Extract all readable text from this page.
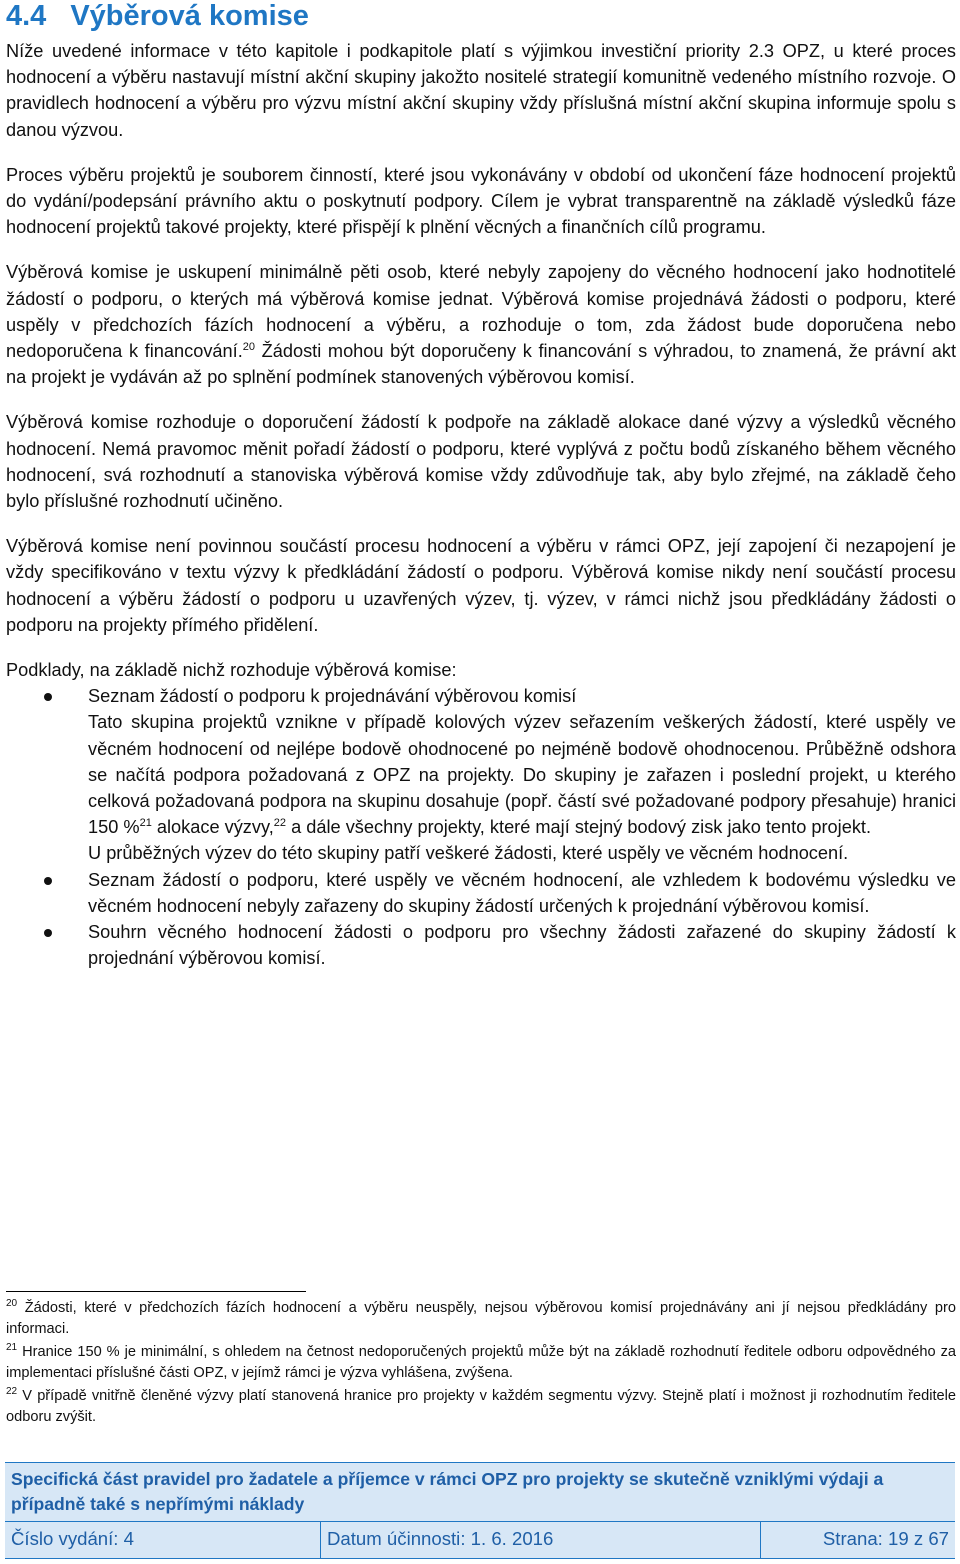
4.4 Výběrová komise

Níže uvedené informace v této kapitole i podkapitole platí s výjimkou investiční priority 2.3 OPZ, u které proces hodnocení a výběru nastavují místní akční skupiny jakožto nositelé strategií komunitně vedeného místního rozvoje. O pravidlech hodnocení a výběru pro výzvu místní akční skupiny vždy příslušná místní akční skupina informuje spolu s danou výzvou.

Proces výběru projektů je souborem činností, které jsou vykonávány v období od ukončení fáze hodnocení projektů do vydání/podepsání právního aktu o poskytnutí podpory. Cílem je vybrat transparentně na základě výsledků fáze hodnocení projektů takové projekty, které přispějí k plnění věcných a finančních cílů programu.

Výběrová komise je uskupení minimálně pěti osob, které nebyly zapojeny do věcného hodnocení jako hodnotitelé žádostí o podporu, o kterých má výběrová komise jednat. Výběrová komise projednává žádosti o podporu, které uspěly v předchozích fázích hodnocení a výběru, a rozhoduje o tom, zda žádost bude doporučena nebo nedoporučena k financování.$^{20}$ Žádosti mohou být doporučeny k financování s výhradou, to znamená, že právní akt na projekt je vydáván až po splnění podmínek stanovených výběrovou komisí.

Výběrová komise rozhoduje o doporučení žádostí k podpoře na základě alokace dané výzvy a výsledků věcného hodnocení. Nemá pravomoc měnit pořadí žádostí o podporu, které vyplývá z počtu bodů získaného během věcného hodnocení, svá rozhodnutí a stanoviska výběrová komise vždy zdůvodňuje tak, aby bylo zřejmé, na základě čeho bylo příslušné rozhodnutí učiněno.

Výběrová komise není povinnou součástí procesu hodnocení a výběru v rámci OPZ, její zapojení či nezapojení je vždy specifikováno v textu výzvy k předkládání žádostí o podporu. Výběrová komise nikdy není součástí procesu hodnocení a výběru žádostí o podporu u uzavřených výzev, tj. výzev, v rámci nichž jsou předkládány žádosti o podporu na projekty přímého přidělení.

Podklady, na základě nichž rozhoduje výběrová komise:
Seznam žádostí o podporu k projednávání výběrovou komisí
Tato skupina projektů vznikne v případě kolových výzev seřazením veškerých žádostí, které uspěly ve věcném hodnocení od nejlépe bodově ohodnocené po nejméně bodově ohodnocenou. Průběžně odshora se načítá podpora požadovaná z OPZ na projekty. Do skupiny je zařazen i poslední projekt, u kterého celková požadovaná podpora na skupinu dosahuje (popř. částí své požadované podpory přesahuje) hranici 150 %$^{21}$ alokace výzvy,$^{22}$ a dále všechny projekty, které mají stejný bodový zisk jako tento projekt.
U průběžných výzev do této skupiny patří veškeré žádosti, které uspěly ve věcném hodnocení.
Seznam žádostí o podporu, které uspěly ve věcném hodnocení, ale vzhledem k bodovému výsledku ve věcném hodnocení nebyly zařazeny do skupiny žádostí určených k projednání výběrovou komisí.
Souhrn věcného hodnocení žádosti o podporu pro všechny žádosti zařazené do skupiny žádostí k projednání výběrovou komisí.

$^{20}$ Žádosti, které v předchozích fázích hodnocení a výběru neuspěly, nejsou výběrovou komisí projednávány ani jí nejsou předkládány pro informaci.

$^{21}$ Hranice 150 % je minimální, s ohledem na četnost nedoporučených projektů může být na základě rozhodnutí ředitele odboru odpovědného za implementaci příslušné části OPZ, v jejímž rámci je výzva vyhlášena, zvýšena.

$^{22}$ V případě vnitřně členěné výzvy platí stanovená hranice pro projekty v každém segmentu výzvy. Stejně platí i možnost ji rozhodnutím ředitele odboru zvýšit.

Specifická část pravidel pro žadatele a příjemce v rámci OPZ pro projekty se skutečně vzniklými výdaji a případně také s nepřímými náklady
Číslo vydání: 4	Datum účinnosti: 1. 6. 2016	Strana: 19 z 67
